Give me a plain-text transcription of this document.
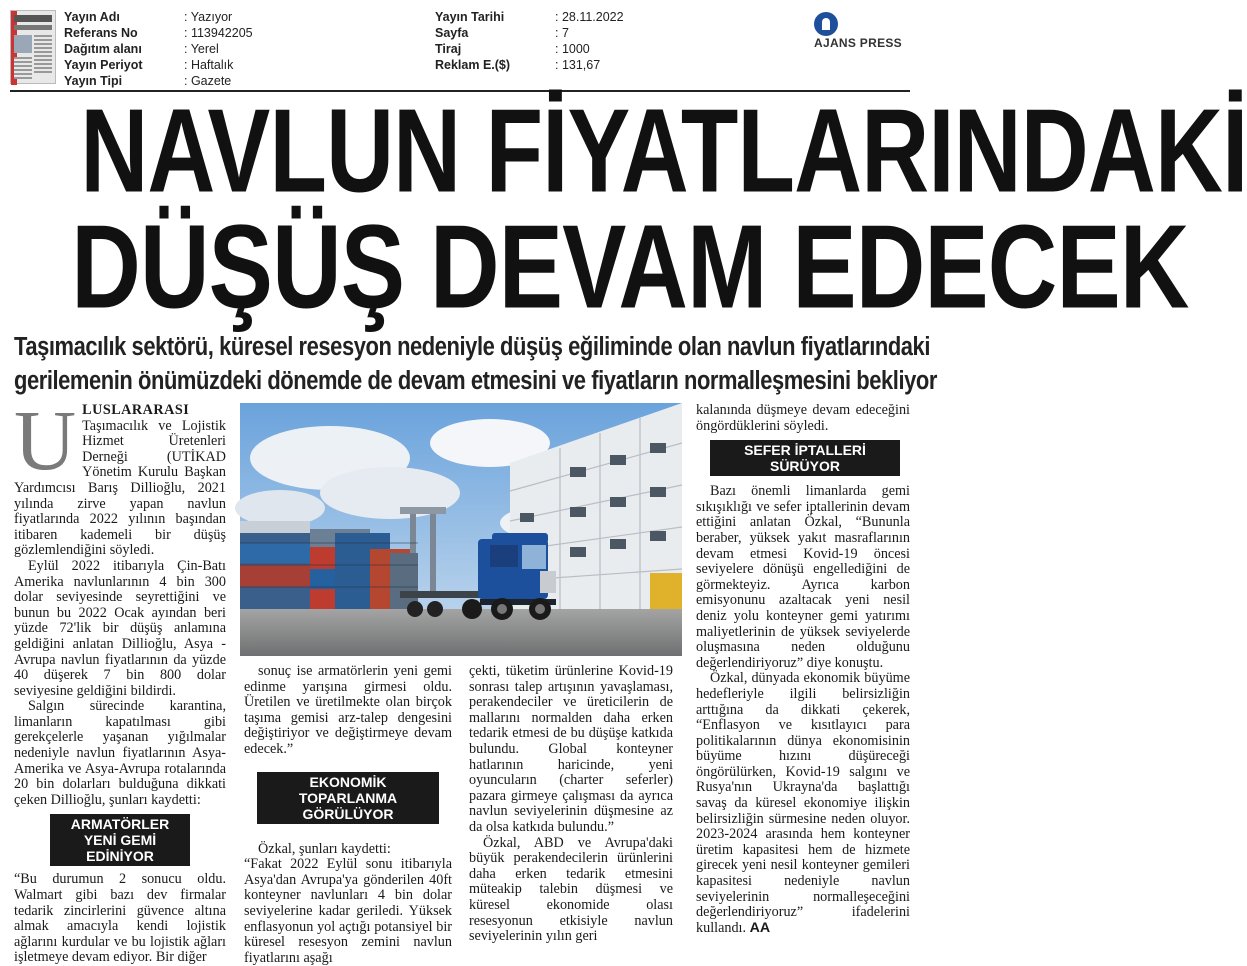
Yayın Adı	: Yazıyor
Referans No	: 113942205
Dağıtım alanı	: Yerel
Yayın Periyot	: Haftalık
Yayın Tipi	: Gazete
Yayın Tarihi	: 28.11.2022
Sayfa	: 7
Tiraj	: 1000
Reklam E.($)	: 131,67
AJANS PRESS
NAVLUN FİYATLARINDAKİ
DÜŞÜŞ DEVAM EDECEK
Taşımacılık sektörü, küresel resesyon nedeniyle düşüş eğiliminde olan navlun fiyatlarındaki
gerilemenin önümüzdeki dönemde de devam etmesini ve fiyatların normalleşmesini bekliyor
U LUSLARARASI Taşımacılık ve Lojistik Hizmet Üretenleri Derneği (UTİKAD Yönetim Kurulu Başkan Yardımcısı Barış Dillioğlu, 2021 yılında zirve yapan navlun fiyatlarında 2022 yılının başından itibaren kademeli bir düşüş gözlemlendiğini söyledi.

Eylül 2022 itibarıyla Çin-Batı Amerika navlunlarının 4 bin 300 dolar seviyesinde seyrettiğini ve bunun bu 2022 Ocak ayından beri yüzde 72'lik bir düşüş anlamına geldiğini anlatan Dillioğlu, Asya -Avrupa navlun fiyatlarının da yüzde 40 düşerek 7 bin 800 dolar seviyesine geldiğini bildirdi.

Salgın sürecinde karantina, limanların kapatılması gibi gerekçelerle yaşanan yığılmalar nedeniyle navlun fiyatlarının Asya-Amerika ve Asya-Avrupa rotalarında 20 bin dolarları bulduğuna dikkati çeken Dillioğlu, şunları kaydetti:

ARMATÖRLER YENİ GEMİ EDİNİYOR

“Bu durumun 2 sonucu oldu. Walmart gibi bazı dev firmalar tedarik zincirlerini güvence altına almak amacıyla kendi lojistik ağlarını kurdular ve bu lojistik ağları işletmeye devam ediyor. Bir diğer

sonuç ise armatörlerin yeni gemi edinme yarışına girmesi oldu. Üretilen ve üretilmekte olan birçok taşıma gemisi arz-talep dengesini değiştiriyor ve değiştirmeye devam edecek.”

EKONOMİK TOPARLANMA GÖRÜLÜYOR

Özkal, şunları kaydetti:

“Fakat 2022 Eylül sonu itibarıyla Asya'dan Avrupa'ya gönderilen 40ft konteyner navlunları 4 bin dolar seviyelerine kadar geriledi. Yüksek enflasyonun yol açtığı potansiyel bir küresel resesyon zemini navlun fiyatlarını aşağı

çekti, tüketim ürünlerine Kovid-19 sonrası talep artışının yavaşlaması, perakendeciler ve üreticilerin de mallarını normalden daha erken tedarik etmesi de bu düşüşe katkıda bulundu. Global konteyner hatlarının haricinde, yeni oyuncuların (charter seferler) pazara girmeye çalışması da ayrıca navlun seviyelerinin düşmesine az da olsa katkıda bulundu.”

Özkal, ABD ve Avrupa'daki büyük perakendecilerin ürünlerini daha erken tedarik etmesini müteakip talebin düşmesi ve küresel ekonomide olası resesyonun etkisiyle navlun seviyelerinin yılın geri

kalanında düşmeye devam edeceğini öngördüklerini söyledi.

SEFER İPTALLERİ SÜRÜYOR

Bazı önemli limanlarda gemi sıkışıklığı ve sefer iptallerinin devam ettiğini anlatan Özkal, “Bununla beraber, yüksek yakıt masraflarının devam etmesi Kovid-19 öncesi seviyelere dönüşü engellediğini de görmekteyiz. Ayrıca karbon emisyonunu azaltacak yeni nesil deniz yolu konteyner gemi yatırımı maliyetlerinin de yüksek seviyelerde oluşmasına neden olduğunu değerlendiriyoruz” diye konuştu.

Özkal, dünyada ekonomik büyüme hedefleriyle ilgili belirsizliğin arttığına da dikkati çekerek, “Enflasyon ve kısıtlayıcı para politikalarının dünya ekonomisinin büyüme hızını düşüreceği öngörülürken, Kovid-19 salgını ve Rusya'nın Ukrayna'da başlattığı savaş da küresel ekonomiye ilişkin belirsizliğin sürmesine neden oluyor. 2023-2024 arasında hem konteyner üretim kapasitesi hem de hizmete girecek yeni nesil konteyner gemileri kapasitesi nedeniyle navlun seviyelerinin normalleşeceğini değerlendiriyoruz” ifadelerini kullandı. AA
